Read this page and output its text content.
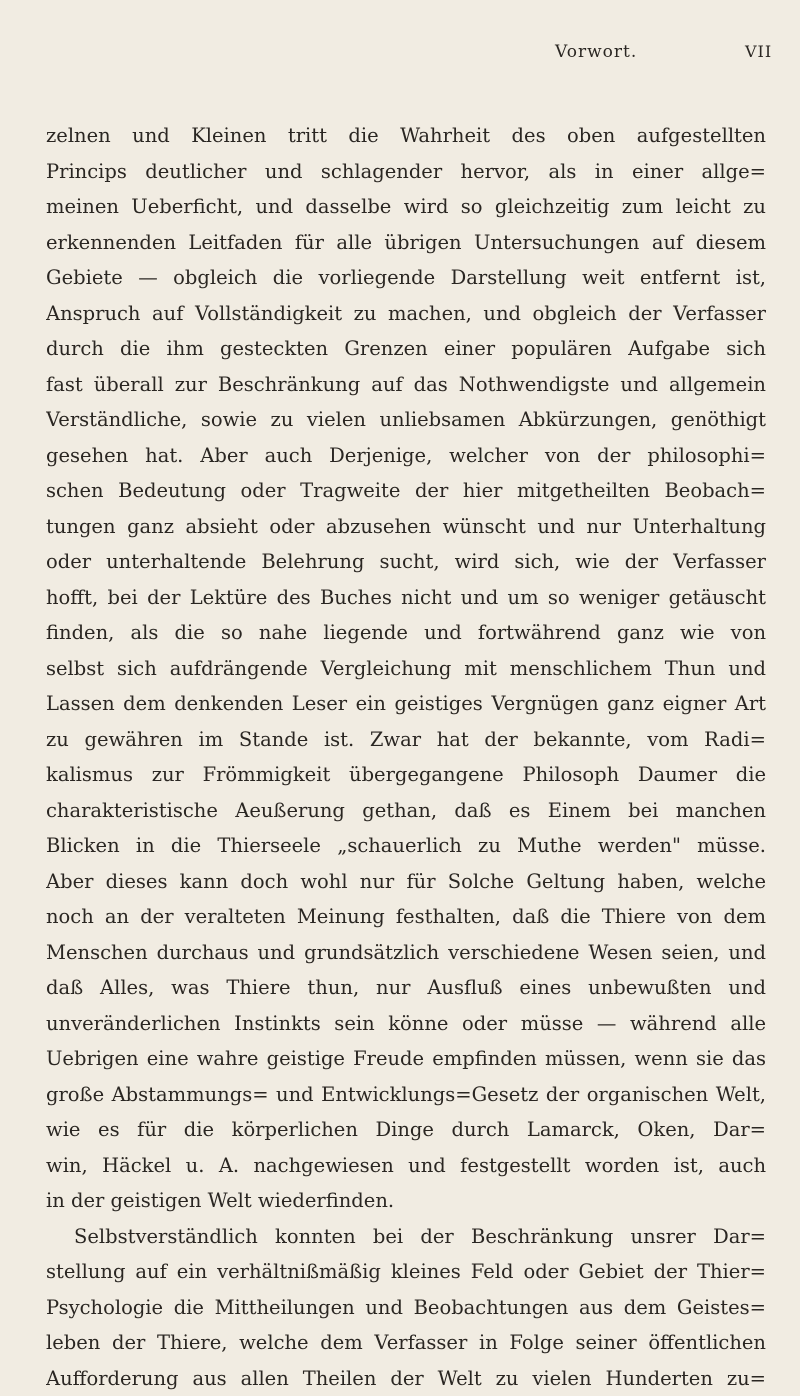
Vorwort.	VII
zelnen und Kleinen tritt die Wahrheit des oben aufgestellten
Princips deutlicher und schlagender hervor, als in einer allge=
meinen Ueberficht, und dasselbe wird so gleichzeitig zum leicht zu
erkennenden Leitfaden für alle übrigen Untersuchungen auf diesem
Gebiete — obgleich die vorliegende Darstellung weit entfernt ist,
Anspruch auf Vollständigkeit zu machen, und obgleich der Verfasser
durch die ihm gesteckten Grenzen einer populären Aufgabe sich
fast überall zur Beschränkung auf das Nothwendigste und allgemein
Verständliche, sowie zu vielen unliebsamen Abkürzungen, genöthigt
gesehen hat. Aber auch Derjenige, welcher von der philosophi=
schen Bedeutung oder Tragweite der hier mitgetheilten Beobach=
tungen ganz absieht oder abzusehen wünscht und nur Unterhaltung
oder unterhaltende Belehrung sucht, wird sich, wie der Verfasser
hofft, bei der Lektüre des Buches nicht und um so weniger getäuscht
finden, als die so nahe liegende und fortwährend ganz wie von
selbst sich aufdrängende Vergleichung mit menschlichem Thun und
Lassen dem denkenden Leser ein geistiges Vergnügen ganz eigner Art
zu gewähren im Stande ist. Zwar hat der bekannte, vom Radi=
kalismus zur Frömmigkeit übergegangene Philosoph Daumer die
charakteristische Aeußerung gethan, daß es Einem bei manchen
Blicken in die Thierseele „schauerlich zu Muthe werden" müsse.
Aber dieses kann doch wohl nur für Solche Geltung haben, welche
noch an der veralteten Meinung festhalten, daß die Thiere von dem
Menschen durchaus und grundsätzlich verschiedene Wesen seien, und
daß Alles, was Thiere thun, nur Ausfluß eines unbewußten und
unveränderlichen Instinkts sein könne oder müsse — während alle
Uebrigen eine wahre geistige Freude empfinden müssen, wenn sie das
große Abstammungs= und Entwicklungs=Gesetz der organischen Welt,
wie es für die körperlichen Dinge durch Lamarck, Oken, Dar=
win, Häckel u. A. nachgewiesen und festgestellt worden ist, auch
in der geistigen Welt wiederfinden.
Selbstverständlich konnten bei der Beschränkung unsrer Dar=
stellung auf ein verhältnißmäßig kleines Feld oder Gebiet der Thier=
Psychologie die Mittheilungen und Beobachtungen aus dem Geistes=
leben der Thiere, welche dem Verfasser in Folge seiner öffentlichen
Aufforderung aus allen Theilen der Welt zu vielen Hunderten zu=
